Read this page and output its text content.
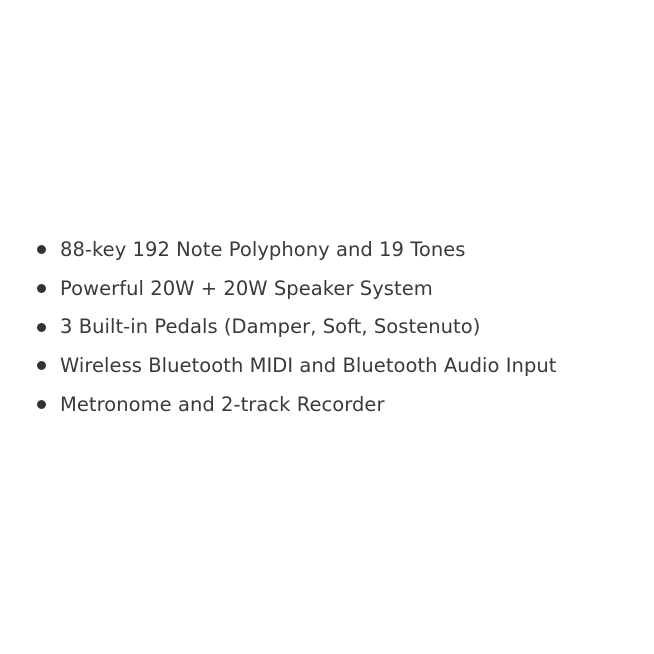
88-key 192 Note Polyphony and 19 Tones
Powerful 20W + 20W Speaker System
3 Built-in Pedals (Damper, Soft, Sostenuto)
Wireless Bluetooth MIDI and Bluetooth Audio Input
Metronome and 2-track Recorder
